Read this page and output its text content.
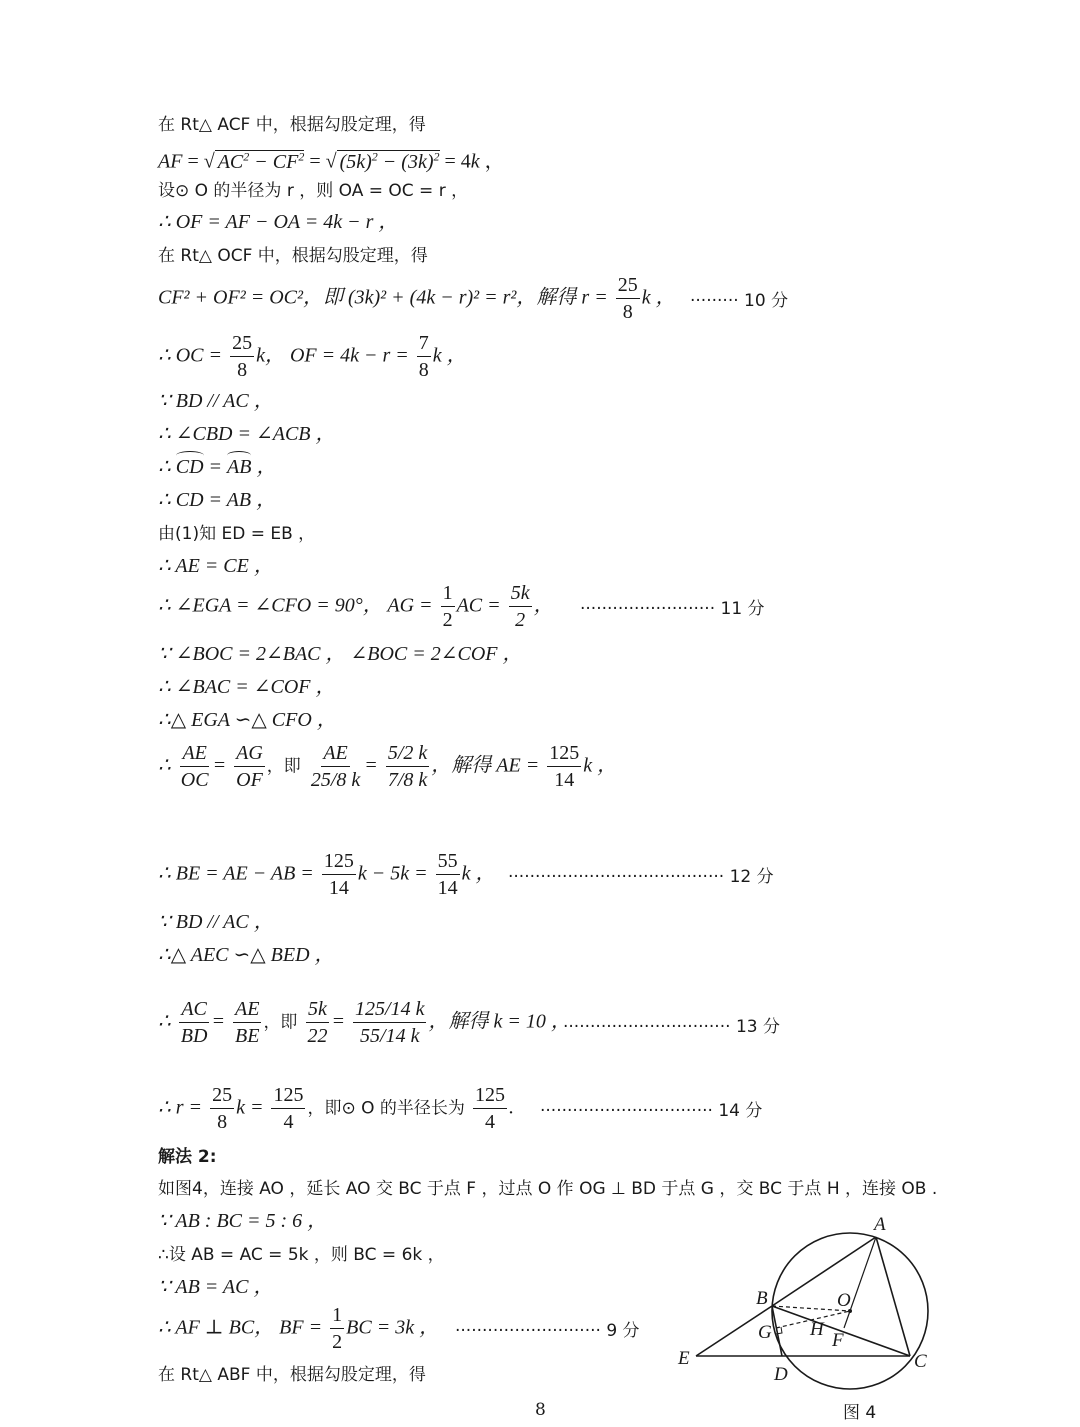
在 Rt△ ACF 中，根据勾股定理，得
AF = √ $AC^2 - CF^2$ = √ $(5k)^2 - (3k)^2 = 4k$ ，
设⊙ O 的半径为 r ，则 OA = OC = r ，
∴ OF = AF − OA = 4k − r ，
在 Rt△ OCF 中，根据勾股定理，得
CF² + OF² = OC²，即 (3k)² + (4k − r)² = r²，解得 $r = \frac{25}{8}$ k ， ········· 10 分
∴ OC = $\frac{25}{8}$ k， OF = $4k - r = \frac{7}{8}$ k ，
∵ BD // AC ，
∴ ∠CBD = ∠ACB ，
∴ CD = AB ，
∴ CD = AB ，
由(1)知 ED = EB ，
∴ AE = CE ，
∴ ∠EGA = ∠CFO = 90°， AG = $\frac{1}{2}$ AC = $\frac{5k}{2}$ ， ························· 11 分
∵ ∠BOC = 2∠BAC ， ∠BOC = 2∠COF ，
∴ ∠BAC = ∠COF ，
∴△ EGA ∽△ CFO ，
∴ $\frac{AE}{OC} = \frac{AG}{OF}$ ，即 $\frac{AE}{25/8 k} = \frac{5/2 k}{7/8 k}$ ，解得 AE = $\frac{125}{14}$ k ，
∴ BE = AE − AB = $\frac{125}{14}$ $k - 5k = \frac{55}{14}$ k ， ········································ 12 分
∵ BD // AC ，
∴△ AEC ∽△ BED ，
∴ $\frac{AC}{BD} = \frac{AE}{BE}$ ，即 $\frac{5k}{22} = \frac{125/14 k}{55/14 k}$ ，解得 k = 10 ，
······························· 13 分
∴ $r = \frac{25}{8}$ $k = \frac{125}{4}$ ，即⊙ O 的半径长为 $\frac{125}{4}$ . ································ 14 分
解法 2:
如图4，连接 AO ，延长 AO 交 BC 于点 F ，过点 O 作 OG ⊥ BD 于点 G ，交 BC 于点 H ，连接 OB .
∵ AB : BC = 5 : 6 ，
∴设 AB = AC = 5k ，则 BC = 6k ，
∵ AB = AC ，
∴ AF ⊥ BC， BF = $\frac{1}{2}$ BC = 3k ， ··························· 9 分
在 Rt△ ABF 中，根据勾股定理，得
A
B	O
G H
F
E
D
C
图 4
8
